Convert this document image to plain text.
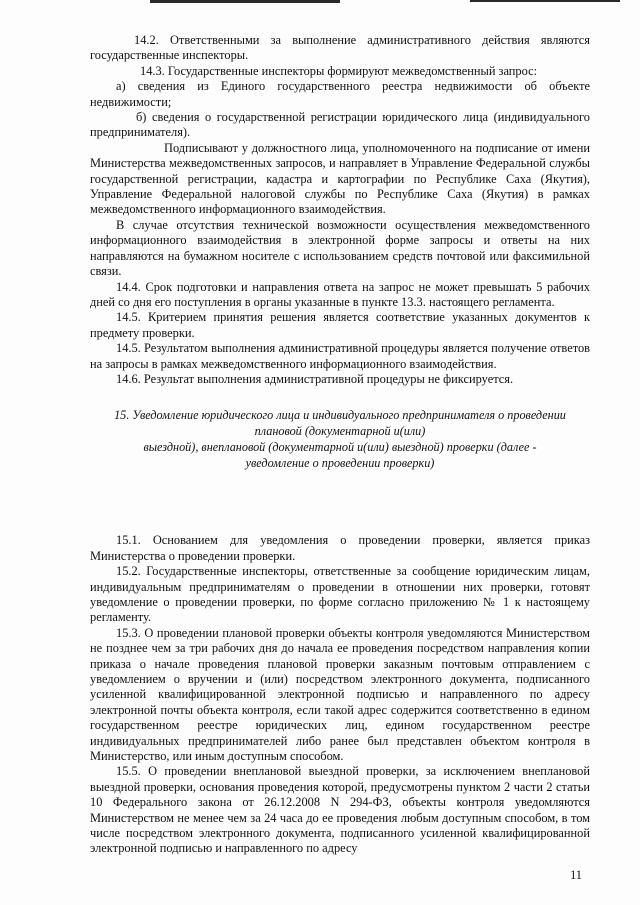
14.2. Ответственными за выполнение административного действия являются государственные инспекторы.

14.3. Государственные инспекторы формируют межведомственный запрос:

а) сведения из Единого государственного реестра недвижимости об объекте недвижимости;

б) сведения о государственной регистрации юридического лица (индивидуального предпринимателя).

Подписывают у должностного лица, уполномоченного на подписание от имени Министерства межведомственных запросов, и направляет в Управление Федеральной службы государственной регистрации, кадастра и картографии по Республике Саха (Якутия), Управление Федеральной налоговой службы по Республике Саха (Якутия) в рамках межведомственного информационного взаимодействия.

В случае отсутствия технической возможности осуществления межведомственного информационного взаимодействия в электронной форме запросы и ответы на них направляются на бумажном носителе с использованием средств почтовой или факсимильной связи.

14.4. Срок подготовки и направления ответа на запрос не может превышать 5 рабочих дней со дня его поступления в органы указанные в пункте 13.3. настоящего регламента.

14.5. Критерием принятия решения является соответствие указанных документов к предмету проверки.

14.5. Результатом выполнения административной процедуры является получение ответов на запросы в рамках межведомственного информационного взаимодействия.

14.6. Результат выполнения административной процедуры не фиксируется.

15. Уведомление юридического лица и индивидуального предпринимателя о проведении
плановой (документарной и(или)
выездной), внеплановой (документарной и(или) выездной) проверки (далее -
уведомление о проведении проверки)

15.1. Основанием для уведомления о проведении проверки, является приказ Министерства о проведении проверки.

15.2. Государственные инспекторы, ответственные за сообщение юридическим лицам, индивидуальным предпринимателям о проведении в отношении них проверки, готовят уведомление о проведении проверки, по форме согласно приложению № 1 к настоящему регламенту.

15.3. О проведении плановой проверки объекты контроля уведомляются Министерством не позднее чем за три рабочих дня до начала ее проведения посредством направления копии приказа о начале проведения плановой проверки заказным почтовым отправлением с уведомлением о вручении и (или) посредством электронного документа, подписанного усиленной квалифицированной электронной подписью и направленного по адресу электронной почты объекта контроля, если такой адрес содержится соответственно в едином государственном реестре юридических лиц, едином государственном реестре индивидуальных предпринимателей либо ранее был представлен объектом контроля в Министерство, или иным доступным способом.

15.5. О проведении внеплановой выездной проверки, за исключением внеплановой выездной проверки, основания проведения которой, предусмотрены пунктом 2 части 2 статьи 10 Федерального закона от 26.12.2008 N 294-ФЗ, объекты контроля уведомляются Министерством не менее чем за 24 часа до ее проведения любым доступным способом, в том числе посредством электронного документа, подписанного усиленной квалифицированной электронной подписью и направленного по адресу

11
